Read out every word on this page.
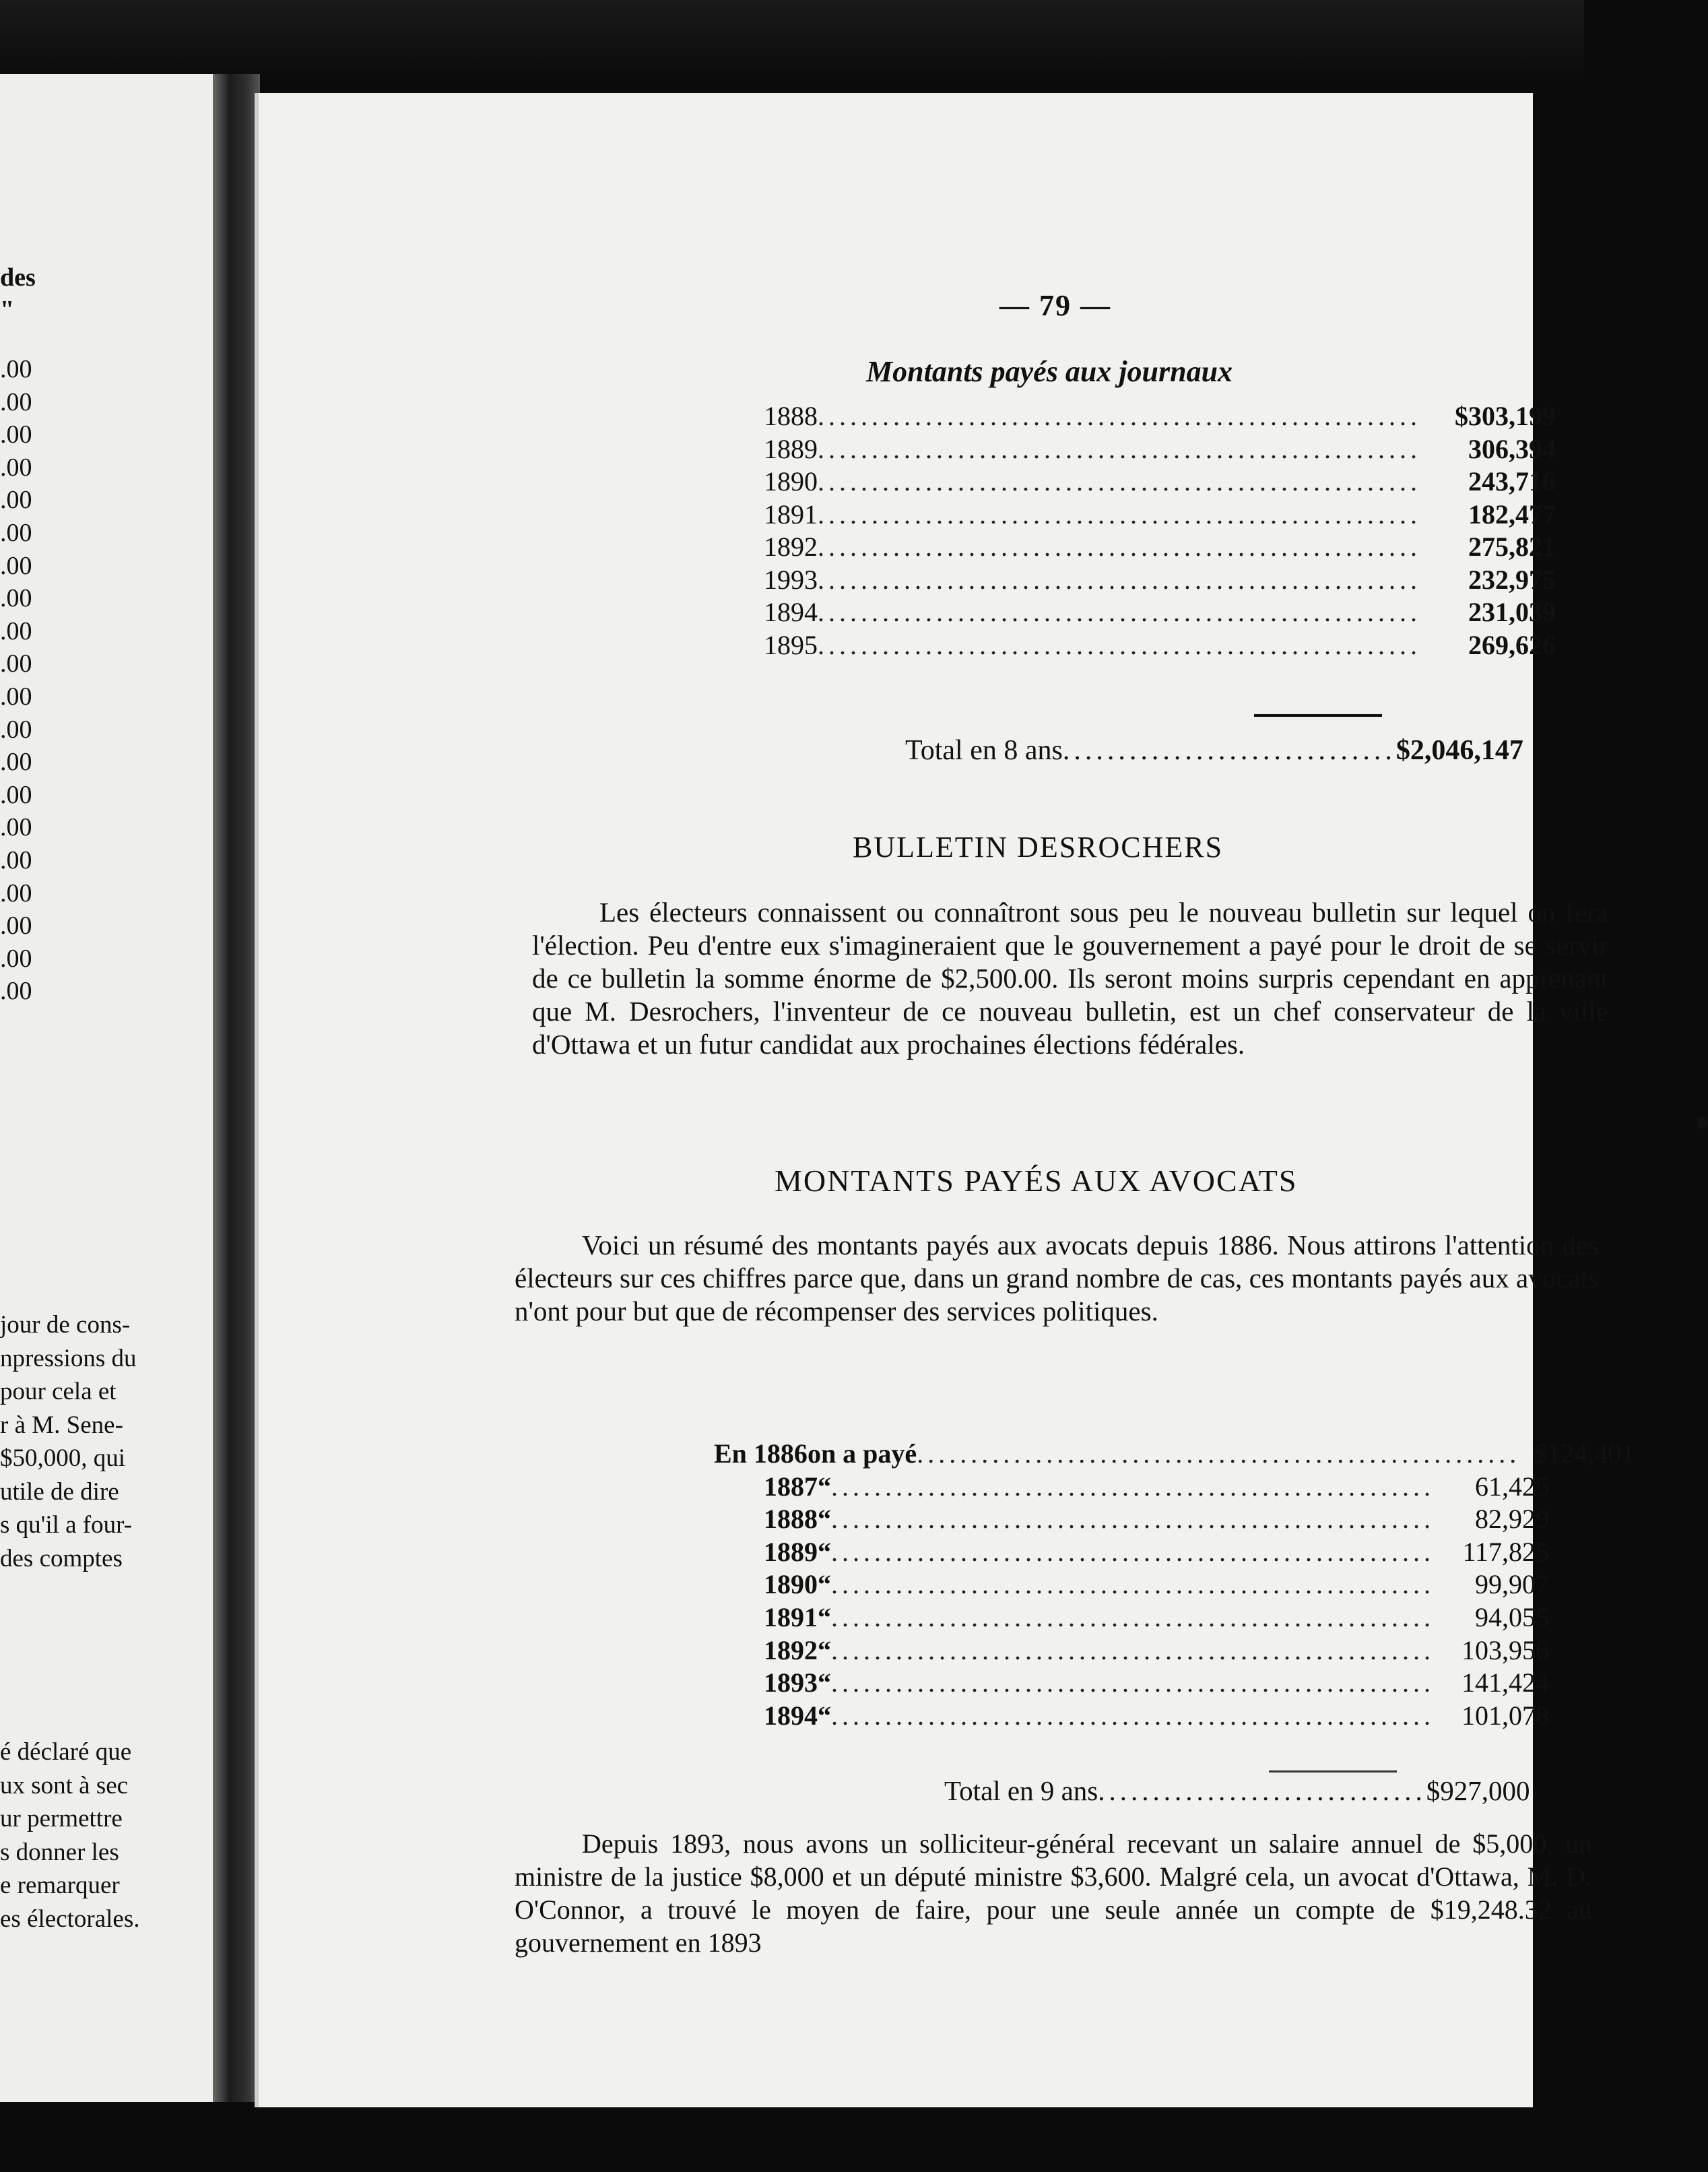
des
"
.00
.00
.00
.00
.00
.00
.00
.00
.00
.00
.00
.00
.00
.00
.00
.00
.00
.00
.00
.00
jour de cons-
npressions du
pour cela et
r à M. Sene-
$50,000, qui
utile de dire
s qu'il a four-
des comptes
é déclaré que
ux sont à sec
ur permettre
s donner les
e remarquer
es électorales.
— 79 —
Montants payés aux journaux
1888 ........................................................	$303,199
1889 ........................................................	306,394
1890 ........................................................	243,716
1891 ........................................................	182,477
1892 ........................................................	275,821
1993 ........................................................	232,975
1894 ........................................................	231,039
1895 ........................................................	269,626
Total en 8 ans .............................. $2,046,147
BULLETIN DESROCHERS

Les électeurs connaissent ou connaîtront sous peu le nouveau bulletin sur lequel on fera l'élection. Peu d'entre eux s'imagineraient que le gouvernement a payé pour le droit de se servir de ce bulletin la somme énorme de $2,500.00. Ils seront moins surpris cependant en apprenant que M. Desrochers, l'inventeur de ce nouveau bulletin, est un chef conservateur de la ville d'Ottawa et un futur candidat aux prochaines élections fédérales.

MONTANTS PAYÉS AUX AVOCATS

Voici un résumé des montants payés aux avocats depuis 1886. Nous attirons l'attention des électeurs sur ces chiffres parce que, dans un grand nombre de cas, ces montants payés aux avocats n'ont pour but que de récompenser des services politiques.

En 1886 on a payé ........................................................ $124,401
1887 “ ........................................................	61,425
1888 “ ........................................................	82,929
1889 “ ........................................................	117,825
1890 “ ........................................................	99,907
1891 “ ........................................................	94,055
1892 “ ........................................................	103,956
1893 “ ........................................................	141,424
1894 “ ........................................................	101,078
Total en 9 ans .............................. $927,000

Depuis 1893, nous avons un solliciteur-général recevant un salaire annuel de $5,000, un ministre de la justice $8,000 et un député ministre $3,600. Malgré cela, un avocat d'Ottawa, M. D. O'Connor, a trouvé le moyen de faire, pour une seule année un compte de $19,248.32 au gouvernement en 1893
